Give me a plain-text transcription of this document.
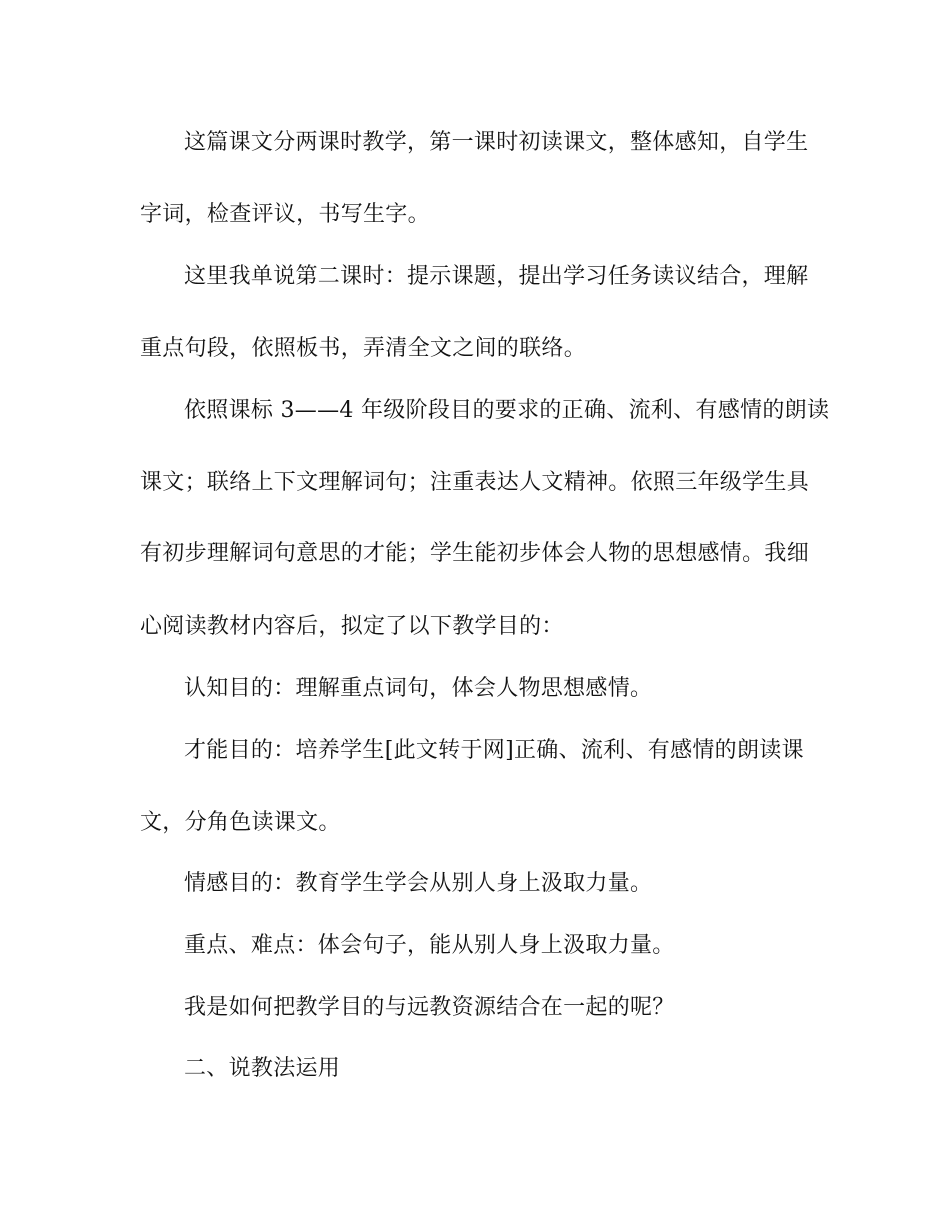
这篇课文分两课时教学，第一课时初读课文，整体感知，自学生
字词，检查评议，书写生字。
这里我单说第二课时：提示课题，提出学习任务读议结合，理解
重点句段，依照板书，弄清全文之间的联络。
依照课标 3——4 年级阶段目的要求的正确、流利、有感情的朗读
课文；联络上下文理解词句；注重表达人文精神。依照三年级学生具
有初步理解词句意思的才能；学生能初步体会人物的思想感情。我细
心阅读教材内容后，拟定了以下教学目的：
认知目的：理解重点词句，体会人物思想感情。
才能目的：培养学生[此文转于网]正确、流利、有感情的朗读课
文，分角色读课文。
情感目的：教育学生学会从别人身上汲取力量。
重点、难点：体会句子，能从别人身上汲取力量。
我是如何把教学目的与远教资源结合在一起的呢？
二、说教法运用
